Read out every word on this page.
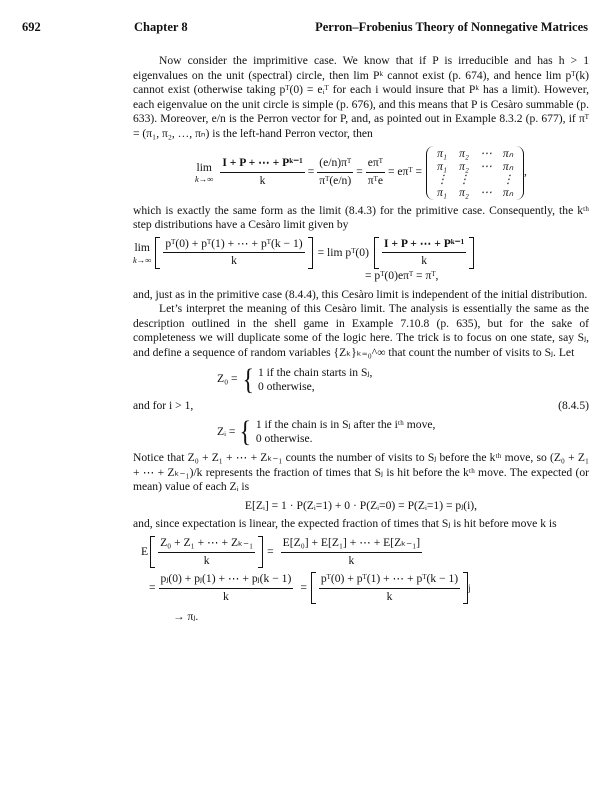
692	Chapter 8	Perron–Frobenius Theory of Nonnegative Matrices

Now consider the imprimitive case. We know that if P is irreducible and has h > 1 eigenvalues on the unit (spectral) circle, then lim Pᵏ cannot exist (p. 674), and hence lim pᵀ(k) cannot exist (otherwise taking pᵀ(0) = eᵢᵀ for each i would insure that Pᵏ has a limit). However, each eigenvalue on the unit circle is simple (p. 676), and this means that P is Cesàro summable (p. 633). Moreover, e/n is the Perron vector for P, and, as pointed out in Example 8.3.2 (p. 677), if πᵀ = (π₁, π₂, …, πₙ) is the left-hand Perron vector, then

lim
$k\to\infty \frac{\text{I + P + ⋯ + Pᵏ⁻¹}}{k} = \frac{\text{(e/n)πᵀ}}{\text{πᵀ(e/n)}} = \frac{\text{eπᵀ}}{\text{πᵀe}}$ = eπᵀ =
π₁	π₂ ⋯ πₙ
π₁	π₂ ⋯ πₙ
⋮ ⋮	⋮
π₁	π₂ ⋯ πₙ
,

which is exactly the same form as the limit (8.4.3) for the primitive case. Consequently, the kᵗʰ step distributions have a Cesàro limit given by

lim
$k\to\infty \frac{\text{pᵀ(0) + pᵀ(1) + ⋯ + pᵀ(k − 1)}}{k} = \lim$ pᵀ(0) $\frac{\text{I + P + ⋯ + Pᵏ⁻¹}}{k}$
= pᵀ(0)eπᵀ = πᵀ,

and, just as in the primitive case (8.4.4), this Cesàro limit is independent of the initial distribution.

Let’s interpret the meaning of this Cesàro limit. The analysis is essentially the same as the description outlined in the shell game in Example 7.10.8 (p. 635), but for the sake of completeness we will duplicate some of the logic here. The trick is to focus on one state, say Sⱼ, and define a sequence of random variables {Zₖ}ₖ₌₀^∞ that count the number of visits to Sⱼ. Let

Z₀ = { 1 if the chain starts in Sⱼ,
0 otherwise,

and for i > 1,	(8.4.5)

Zᵢ = { 1 if the chain is in Sⱼ after the iᵗʰ move,
0 otherwise.

Notice that Z₀ + Z₁ + ⋯ + Zₖ₋₁ counts the number of visits to Sⱼ before the kᵗʰ move, so (Z₀ + Z₁ + ⋯ + Zₖ₋₁)/k represents the fraction of times that Sⱼ is hit before the kᵗʰ move. The expected (or mean) value of each Zᵢ is

E[Zᵢ] = 1 · P(Zᵢ=1) + 0 · P(Zᵢ=0) = P(Zᵢ=1) = pⱼ(i),

and, since expectation is linear, the expected fraction of times that Sⱼ is hit before move k is

E $\frac{\text{Z₀ + Z₁ + ⋯ + Zₖ₋₁}}{k} = \frac{\text{E[Z₀] + E[Z₁] + ⋯ + E[Zₖ₋₁]}}{k}$
= $\frac{\text{pⱼ(0) + pⱼ(1) + ⋯ + pⱼ(k − 1)}}{k} = \frac{\text{pᵀ(0) + pᵀ(1) + ⋯ + pᵀ(k − 1)}}{k}$ j
→ πⱼ.
